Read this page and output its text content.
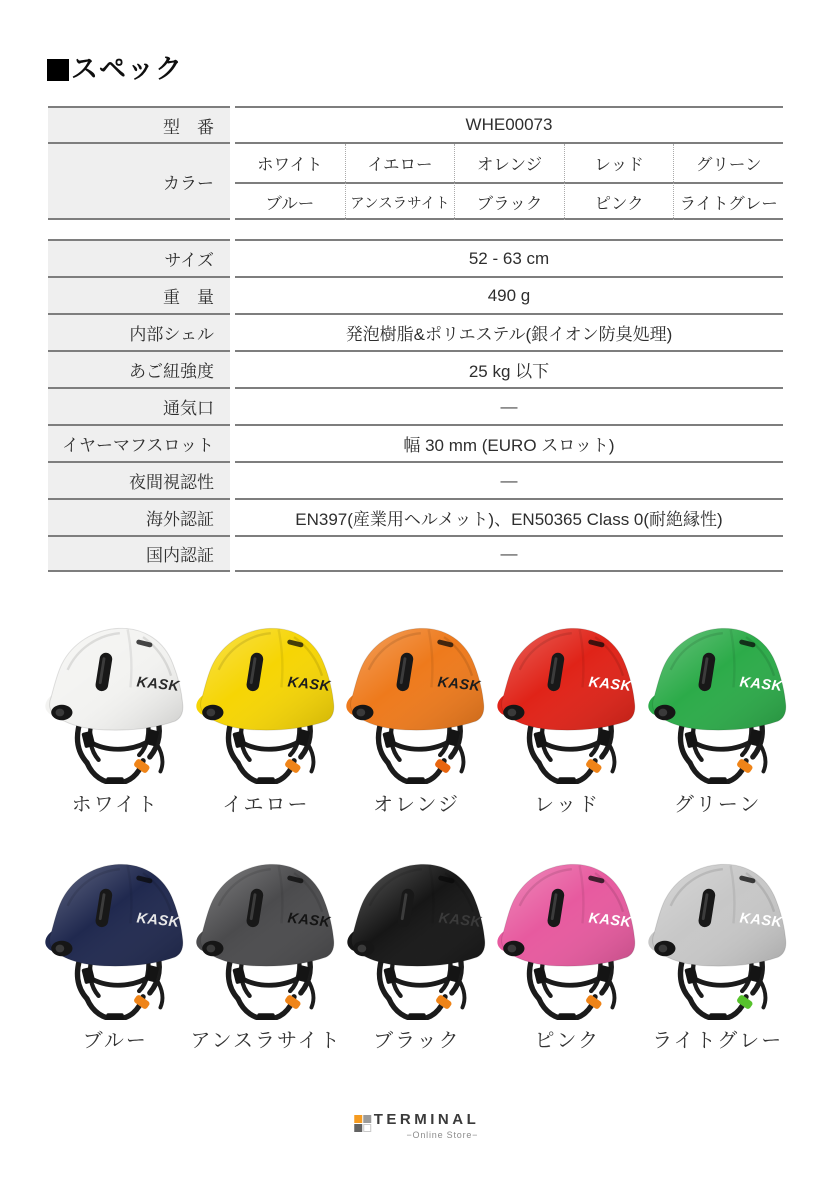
スペック
型　番	WHE00073
カラー
ホワイト	イエロー	オレンジ	レッド	グリーン
ブルー	アンスラサイト	ブラック	ピンク	ライトグレー
サイズ	52 - 63 cm
重　量	490 g
内部シェル	発泡樹脂&ポリエステル(銀イオン防臭処理)
あご紐強度	25 kg 以下
通気口	—
イヤーマフスロット	幅 30 mm (EURO スロット)
夜間視認性	—
海外認証	EN397(産業用ヘルメット)、EN50365 Class 0(耐絶縁性)
国内認証	—
KASK
ホワイト
KASK
イエロー
KASK
オレンジ
KASK
レッド
KASK
グリーン
KASK
ブルー
KASK
アンスラサイト
KASK
ブラック
KASK
ピンク
KASK
ライトグレー
TERMINAL
−Online Store−
